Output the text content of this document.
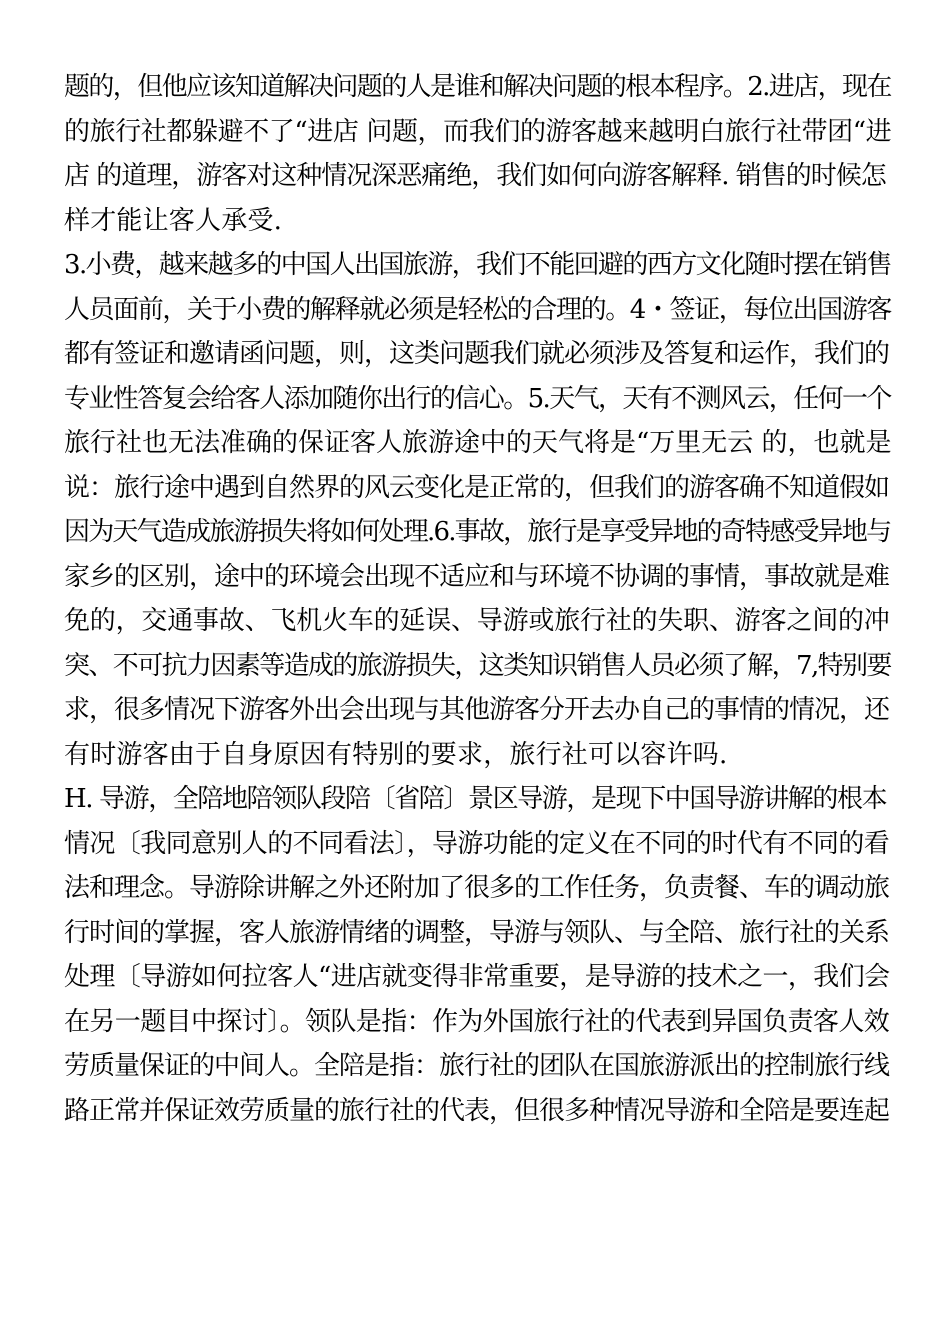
题的，但他应该知道解决问题的人是谁和解决问题的根本程序。2.进店，现在
的旅行社都躲避不了“进店 问题，而我们的游客越来越明白旅行社带团“进
店 的道理，游客对这种情况深恶痛绝，我们如何向游客解释. 销售的时候怎
样才能让客人承受.
3.小费，越来越多的中国人出国旅游，我们不能回避的西方文化随时摆在销售
人员面前，关于小费的解释就必须是轻松的合理的。4・签证，每位出国游客
都有签证和邀请函问题，则，这类问题我们就必须涉及答复和运作，我们的
专业性答复会给客人添加随你出行的信心。5.天气，天有不测风云，任何一个
旅行社也无法准确的保证客人旅游途中的天气将是“万里无云 的，也就是
说：旅行途中遇到自然界的风云变化是正常的，但我们的游客确不知道假如
因为天气造成旅游损失将如何处理.6.事故，旅行是享受异地的奇特感受异地与
家乡的区别，途中的环境会出现不适应和与环境不协调的事情，事故就是难
免的，交通事故、飞机火车的延误、导游或旅行社的失职、游客之间的冲
突、不可抗力因素等造成的旅游损失，这类知识销售人员必须了解，7,特别要
求，很多情况下游客外出会出现与其他游客分开去办自己的事情的情况，还
有时游客由于自身原因有特别的要求，旅行社可以容许吗.
H. 导游，全陪地陪领队段陪〔省陪〕景区导游，是现下中国导游讲解的根本
情况〔我同意别人的不同看法〕，导游功能的定义在不同的时代有不同的看
法和理念。导游除讲解之外还附加了很多的工作任务，负责餐、车的调动旅
行时间的掌握，客人旅游情绪的调整，导游与领队、与全陪、旅行社的关系
处理〔导游如何拉客人“进店就变得非常重要，是导游的技术之一，我们会
在另一题目中探讨〕。领队是指：作为外国旅行社的代表到异国负责客人效
劳质量保证的中间人。全陪是指：旅行社的团队在国旅游派出的控制旅行线
路正常并保证效劳质量的旅行社的代表，但很多种情况导游和全陪是要连起
